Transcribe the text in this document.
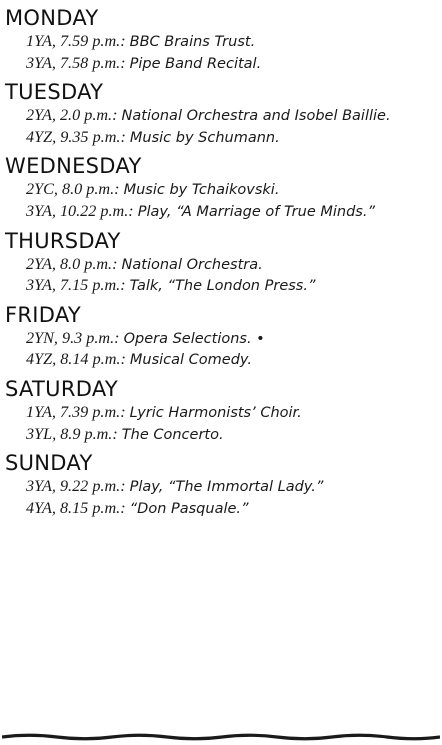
MONDAY
1YA, 7.59 p.m.: BBC Brains Trust.
3YA, 7.58 p.m.: Pipe Band Recital.
TUESDAY
2YA, 2.0 p.m.: National Orchestra and Isobel Baillie.
4YZ, 9.35 p.m.: Music by Schumann.
WEDNESDAY
2YC, 8.0 p.m.: Music by Tchaikovski.
3YA, 10.22 p.m.: Play, “A Marriage of True Minds.”
THURSDAY
2YA, 8.0 p.m.: National Orchestra.
3YA, 7.15 p.m.: Talk, “The London Press.”
FRIDAY
2YN, 9.3 p.m.: Opera Selections. •
4YZ, 8.14 p.m.: Musical Comedy.
SATURDAY
1YA, 7.39 p.m.: Lyric Harmonists’ Choir.
3YL, 8.9 p.m.: The Concerto.
SUNDAY
3YA, 9.22 p.m.: Play, “The Immortal Lady.”
4YA, 8.15 p.m.: “Don Pasquale.”
